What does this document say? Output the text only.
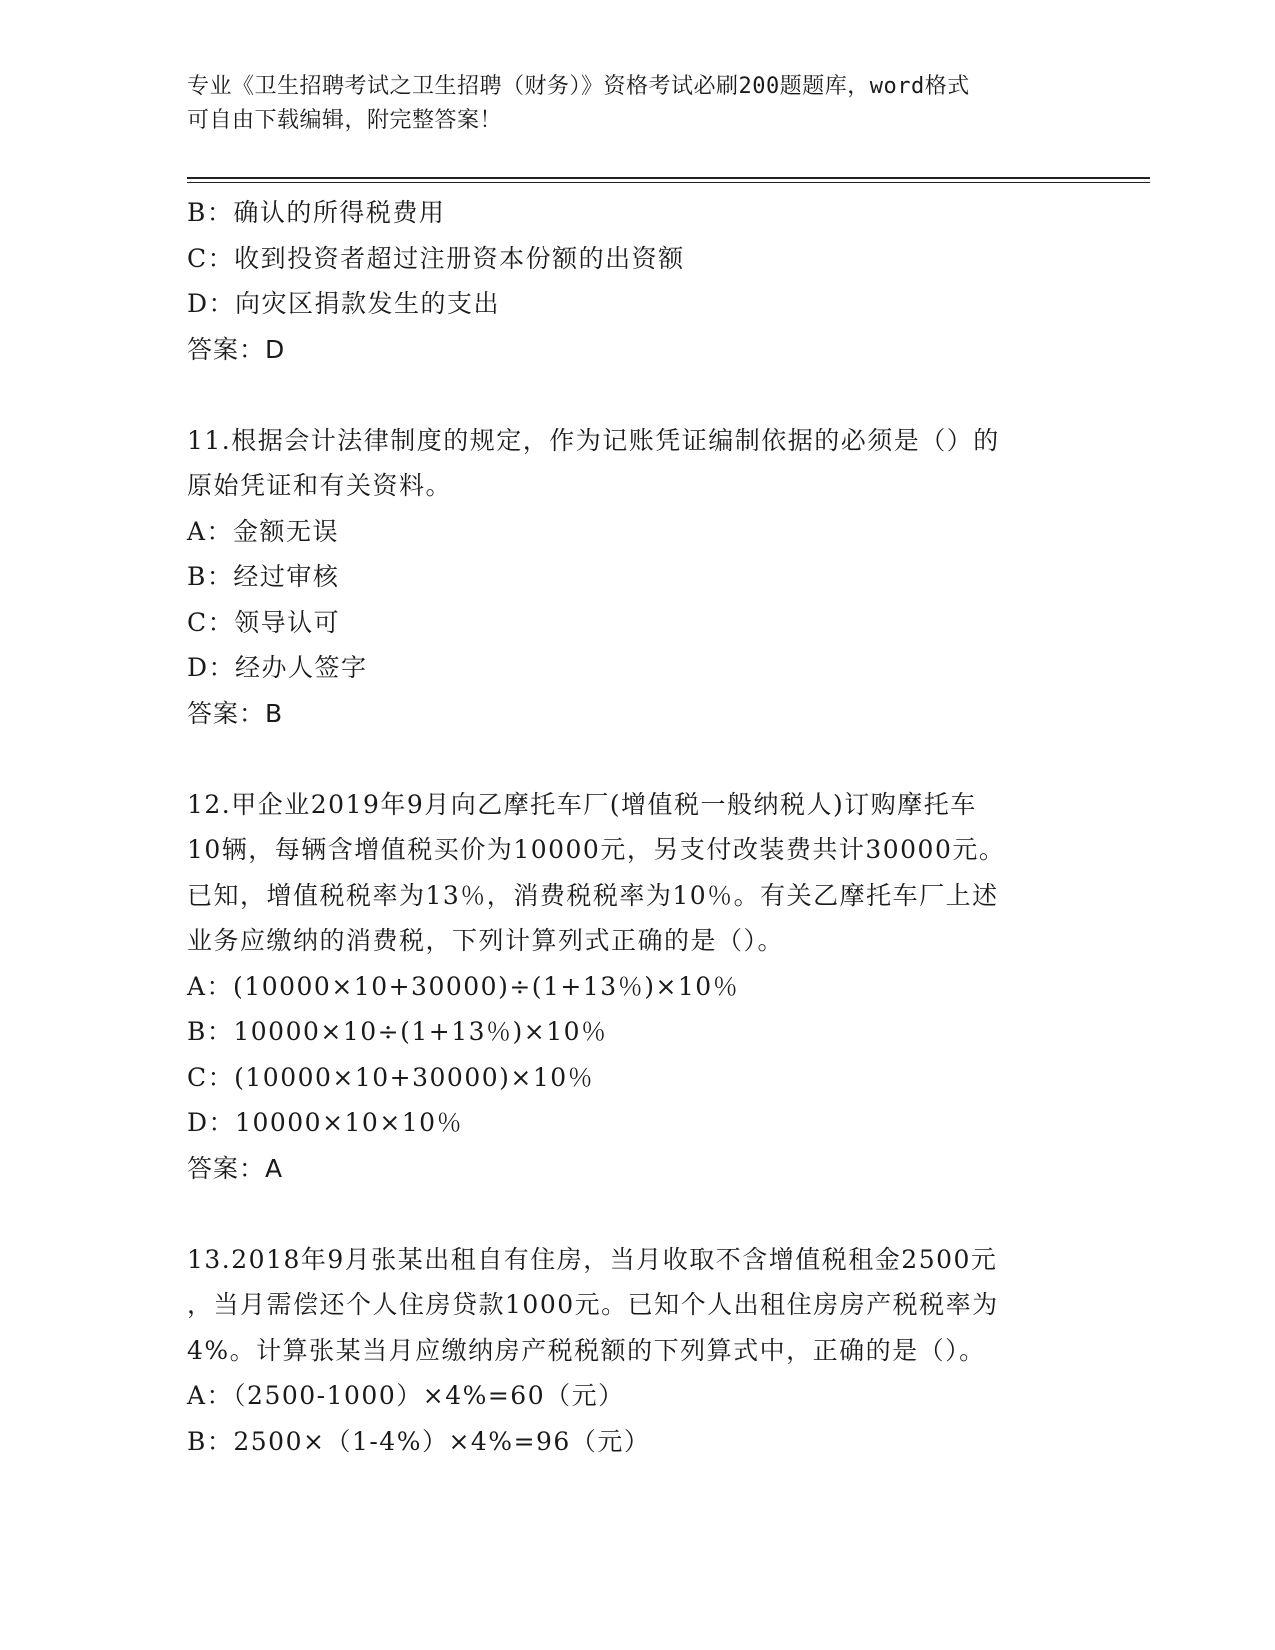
专业《卫生招聘考试之卫生招聘（财务）》资格考试必刷200题题库，word格式
可自由下载编辑，附完整答案！
B：确认的所得税费用
C：收到投资者超过注册资本份额的出资额
D：向灾区捐款发生的支出
答案：D
11.根据会计法律制度的规定，作为记账凭证编制依据的必须是（）的
原始凭证和有关资料。
A：金额无误
B：经过审核
C：领导认可
D：经办人签字
答案：B
12.甲企业2019年9月向乙摩托车厂(增值税一般纳税人)订购摩托车
10辆，每辆含增值税买价为10000元，另支付改装费共计30000元。
已知，增值税税率为13％，消费税税率为10％。有关乙摩托车厂上述
业务应缴纳的消费税，下列计算列式正确的是（）。
A：(10000×10+30000)÷(1+13％)×10％
B：10000×10÷(1+13％)×10％
C：(10000×10+30000)×10％
D：10000×10×10％
答案：A
13.2018年9月张某出租自有住房，当月收取不含增值税租金2500元
，当月需偿还个人住房贷款1000元。已知个人出租住房房产税税率为
4%。计算张某当月应缴纳房产税税额的下列算式中，正确的是（）。
A：（2500-1000）×4%=60（元）
B：2500×（1-4%）×4%=96（元）
